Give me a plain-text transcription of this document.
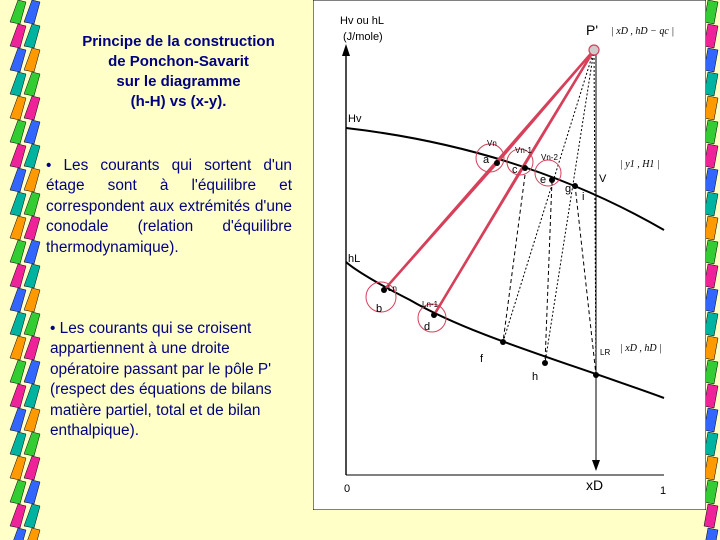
Principe de la construction
de Ponchon-Savarit
sur le diagramme
(h-H) vs (x-y).
• Les courants qui sortent d'un étage sont à l'équilibre et correspondent aux extrémités d'une conodale (relation d'équilibre thermodynamique).
• Les courants qui se croisent appartiennent à une droite opératoire passant par le pôle P' (respect des équations de bilans matière partiel, total et de bilan enthalpique).
Hv ou hL
(J/mole)
Hv
hL
0	1
xD
P' | xD , hD − qc |
V
| y1 , H1 |
LR | xD , hD |
a
c
e
g
i
b
d
f
h
Vn
Vn-1
Vn-2
Ln
Ln-1
